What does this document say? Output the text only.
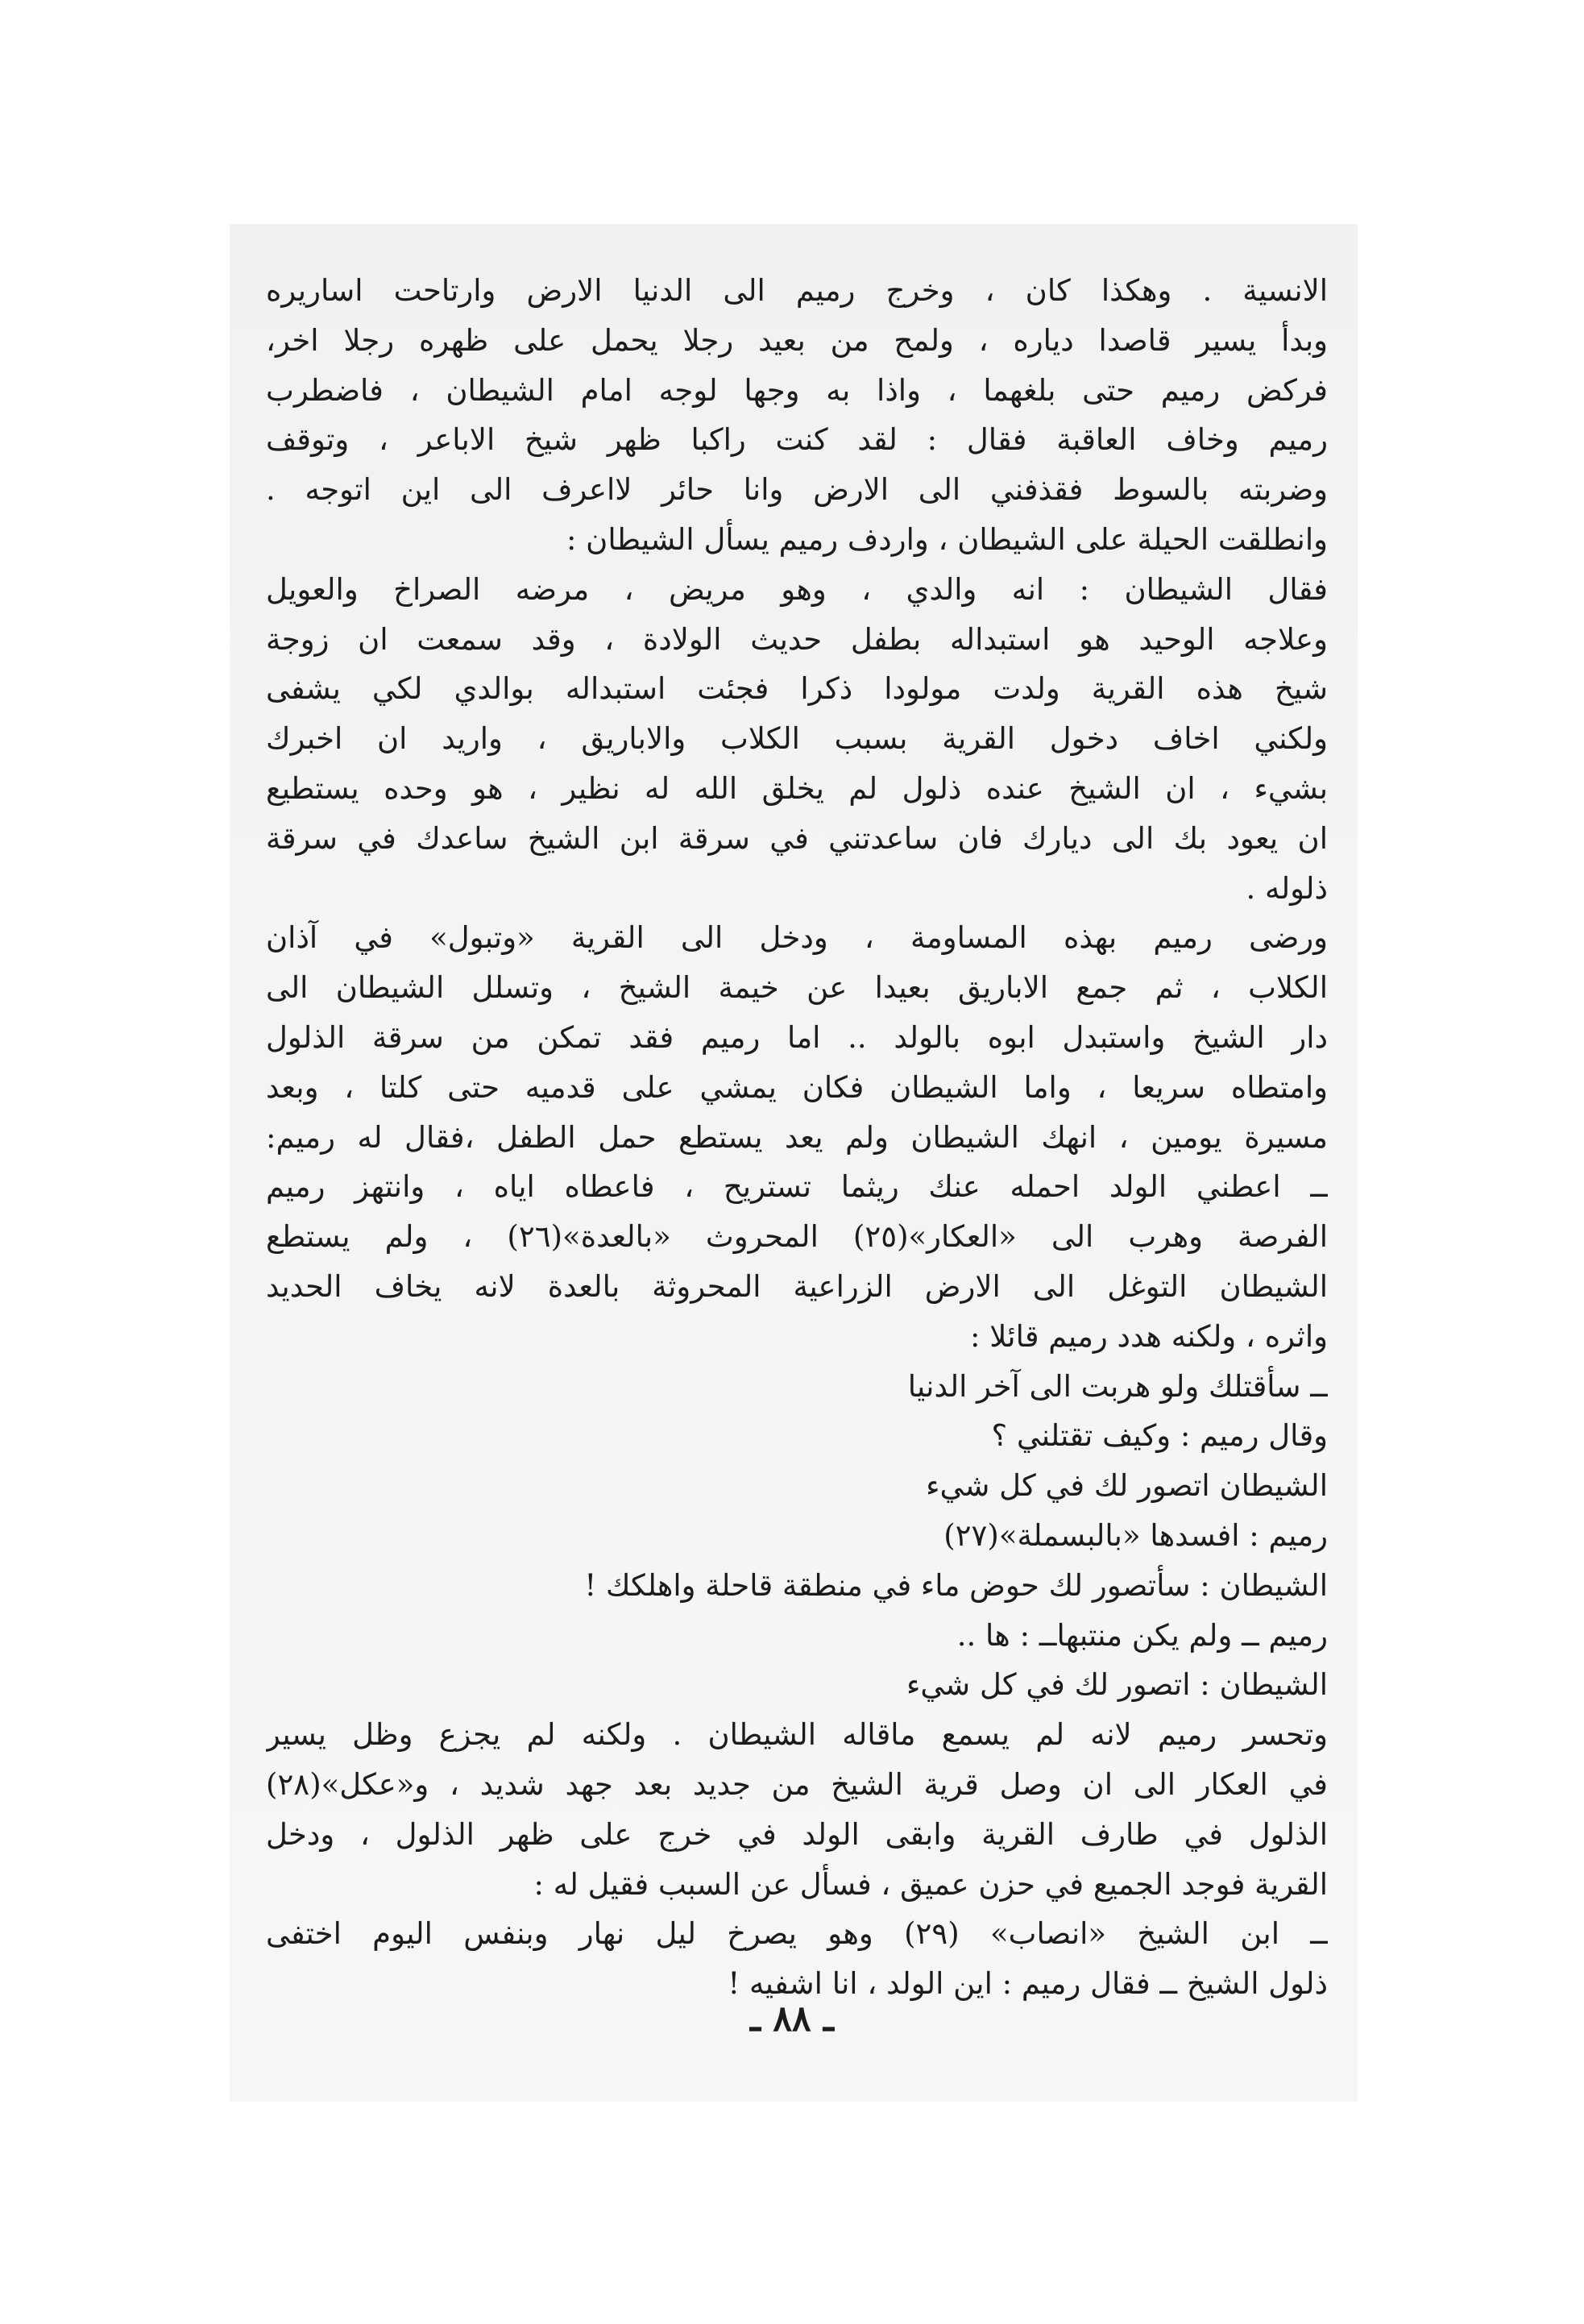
الانسية . وهكذا كان ، وخرج رميم الى الدنيا الارض وارتاحت اساريره
وبدأ يسير قاصدا دياره ، ولمح من بعيد رجلا يحمل على ظهره رجلا اخر،
فركض رميم حتى بلغهما ، واذا به وجها لوجه امام الشيطان ، فاضطرب
رميم وخاف العاقبة فقال : لقد كنت راكبا ظهر شيخ الاباعر ، وتوقف
وضربته بالسوط فقذفني الى الارض وانا حائر لااعرف الى اين اتوجه .
وانطلقت الحيلة على الشيطان ، واردف رميم يسأل الشيطان :
فقال الشيطان : انه والدي ، وهو مريض ، مرضه الصراخ والعويل
وعلاجه الوحيد هو استبداله بطفل حديث الولادة ، وقد سمعت ان زوجة
شيخ هذه القرية ولدت مولودا ذكرا فجئت استبداله بوالدي لكي يشفى
ولكني اخاف دخول القرية بسبب الكلاب والاباريق ، واريد ان اخبرك
بشيء ، ان الشيخ عنده ذلول لم يخلق الله له نظير ، هو وحده يستطيع
ان يعود بك الى ديارك فان ساعدتني في سرقة ابن الشيخ ساعدك في سرقة
ذلوله .
ورضى رميم بهذه المساومة ، ودخل الى القرية «وتبول» في آذان
الكلاب ، ثم جمع الاباريق بعيدا عن خيمة الشيخ ، وتسلل الشيطان الى
دار الشيخ واستبدل ابوه بالولد .. اما رميم فقد تمكن من سرقة الذلول
وامتطاه سريعا ، واما الشيطان فكان يمشي على قدميه حتى كلتا ، وبعد
مسيرة يومين ، انهك الشيطان ولم يعد يستطع حمل الطفل ،فقال له رميم:
ــ اعطني الولد احمله عنك ريثما تستريح ، فاعطاه اياه ، وانتهز رميم
الفرصة وهرب الى «العكار»(٢٥) المحروث «بالعدة»(٢٦) ، ولم يستطع
الشيطان التوغل الى الارض الزراعية المحروثة بالعدة لانه يخاف الحديد
واثره ، ولكنه هدد رميم قائلا :
ــ سأقتلك ولو هربت الى آخر الدنيا
وقال رميم : وكيف تقتلني ؟
الشيطان اتصور لك في كل شيء
رميم : افسدها «بالبسملة»(٢٧)
الشيطان : سأتصور لك حوض ماء في منطقة قاحلة واهلكك !
رميم ــ ولم يكن منتبهاــ : ها ..
الشيطان : اتصور لك في كل شيء
وتحسر رميم لانه لم يسمع ماقاله الشيطان . ولكنه لم يجزع وظل يسير
في العكار الى ان وصل قرية الشيخ من جديد بعد جهد شديد ، و«عكل»(٢٨)
الذلول في طارف القرية وابقى الولد في خرج على ظهر الذلول ، ودخل
القرية فوجد الجميع في حزن عميق ، فسأل عن السبب فقيل له :
ــ ابن الشيخ «انصاب» (٢٩) وهو يصرخ ليل نهار وبنفس اليوم اختفى
ذلول الشيخ ــ فقال رميم : اين الولد ، انا اشفيه !
ـ ٨٨ ـ
